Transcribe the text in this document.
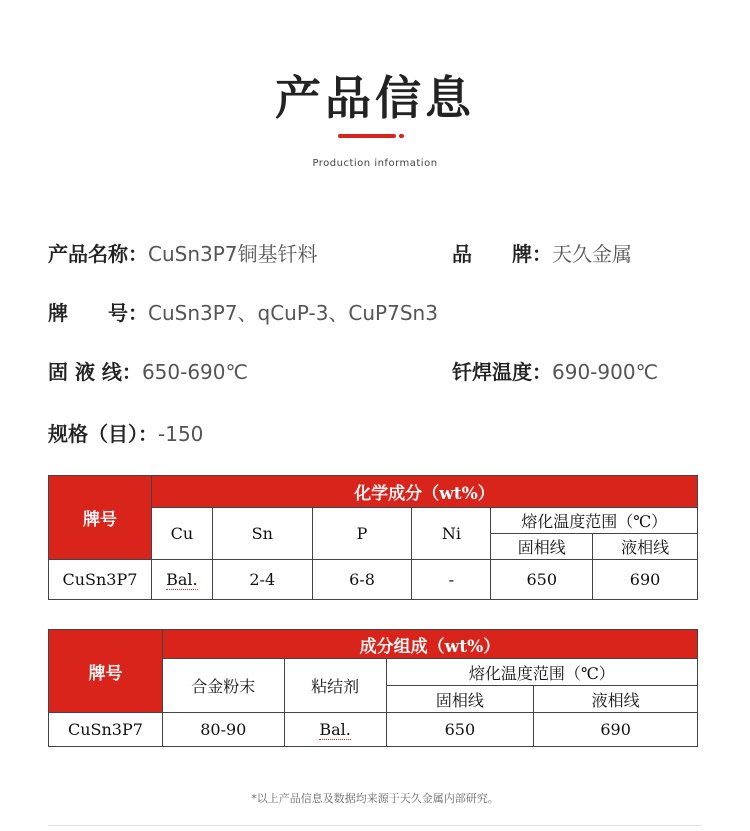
产品信息
Production information
产品名称：CuSn3P7铜基钎料	品　　牌：天久金属
牌　　号：CuSn3P7、qCuP-3、CuP7Sn3
固 液 线：650-690℃	钎焊温度：690-900℃
规格（目）：-150
牌号	化学成分（wt%）					
	Cu	Sn	P	Ni	熔化温度范围（℃）	
					固相线	液相线
CuSn3P7	Bal.	2-4	6-8	-	650	690
牌号	成分组成（wt%）			
	合金粉末	粘结剂	熔化温度范围（℃）	
			固相线	液相线
CuSn3P7	80-90	Bal.	650	690
*以上产品信息及数据均来源于天久金属内部研究。
